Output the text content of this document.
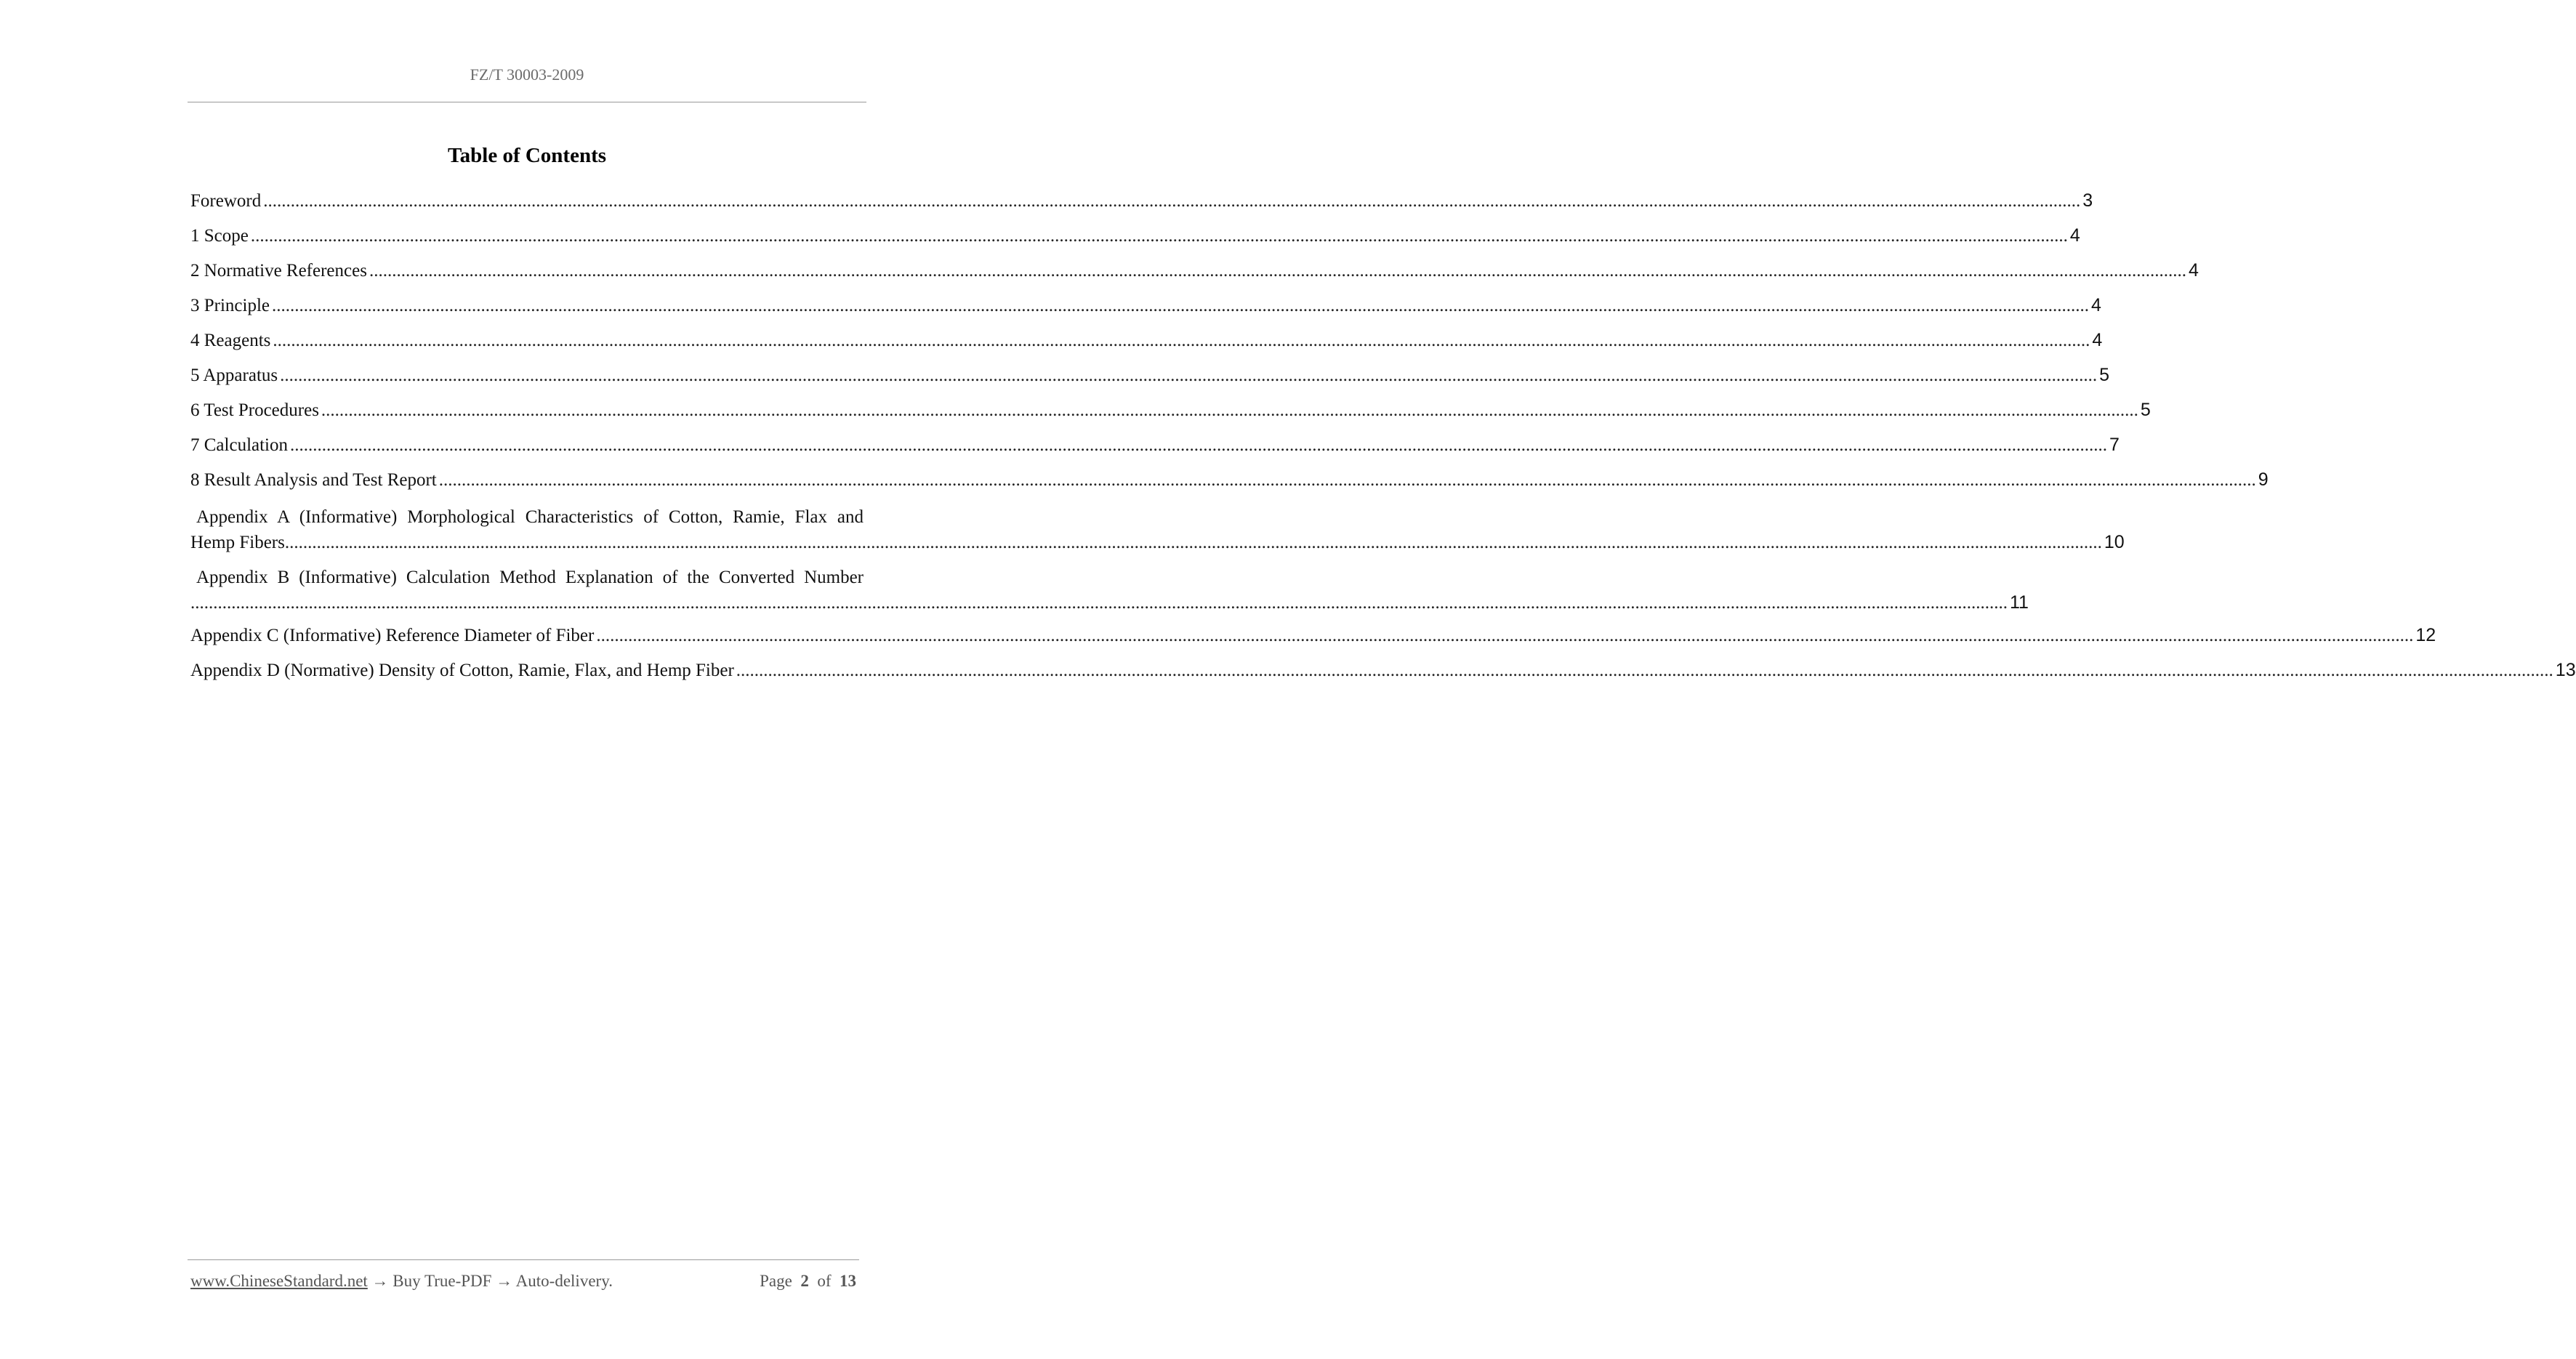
FZ/T 30003-2009
Table of Contents
Foreword ................................................................................................................................................................................................................................................................................................................................................................................................................ 3
1 Scope ................................................................................................................................................................................................................................................................................................................................................................................................................ 4
2 Normative References ................................................................................................................................................................................................................................................................................................................................................................................................................ 4
3 Principle ................................................................................................................................................................................................................................................................................................................................................................................................................ 4
4 Reagents ................................................................................................................................................................................................................................................................................................................................................................................................................ 4
5 Apparatus ................................................................................................................................................................................................................................................................................................................................................................................................................ 5
6 Test Procedures ................................................................................................................................................................................................................................................................................................................................................................................................................ 5
7 Calculation ................................................................................................................................................................................................................................................................................................................................................................................................................ 7
8 Result Analysis and Test Report ................................................................................................................................................................................................................................................................................................................................................................................................................ 9
Appendix A (Informative) Morphological Characteristics of Cotton, Ramie, Flax and
Hemp Fibers ................................................................................................................................................................................................................................................................................................................................................................................................................ 10
Appendix B (Informative) Calculation Method Explanation of the Converted Number
................................................................................................................................................................................................................................................................................................................................................................................................................ 11
Appendix C (Informative) Reference Diameter of Fiber ................................................................................................................................................................................................................................................................................................................................................................................................................ 12
Appendix D (Normative) Density of Cotton, Ramie, Flax, and Hemp Fiber ................................................................................................................................................................................................................................................................................................................................................................................................................ 13
www.ChineseStandard.net → Buy True-PDF → Auto-delivery.	Page 2 of 13
